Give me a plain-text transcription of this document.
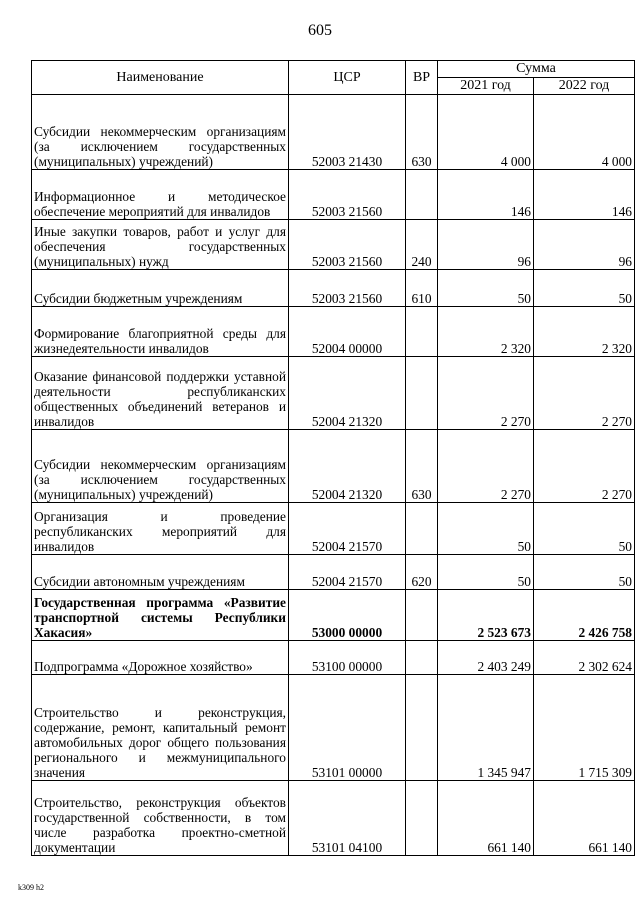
605
Наименование	ЦСР	ВР	Сумма	
			2021 год	2022 год
Субсидии некоммерческим организациям (за исключением государственных (муниципальных) учреждений)	52003 21430	630	4 000	4 000
Информационное и методическое обеспечение мероприятий для инвалидов	52003 21560		146	146
Иные закупки товаров, работ и услуг для обеспечения государственных (муниципальных) нужд	52003 21560	240	96	96
Субсидии бюджетным учреждениям	52003 21560	610	50	50
Формирование благоприятной среды для жизнедеятельности инвалидов	52004 00000		2 320	2 320
Оказание финансовой поддержки уставной деятельности республиканских общественных объединений ветеранов и инвалидов	52004 21320		2 270	2 270
Субсидии некоммерческим организациям (за исключением государственных (муниципальных) учреждений)	52004 21320	630	2 270	2 270
Организация и проведение республиканских мероприятий для инвалидов	52004 21570		50	50
Субсидии автономным учреждениям	52004 21570	620	50	50
Государственная программа «Развитие транспортной системы Республики Хакасия»	53000 00000		2 523 673	2 426 758
Подпрограмма «Дорожное хозяйство»	53100 00000		2 403 249	2 302 624
Строительство и реконструкция, содержание, ремонт, капитальный ремонт автомобильных дорог общего пользования регионального и межмуниципального значения	53101 00000		1 345 947	1 715 309
Строительство, реконструкция объектов государственной собственности, в том числе разработка проектно-сметной документации	53101 04100		661 140	661 140
k309 h2
